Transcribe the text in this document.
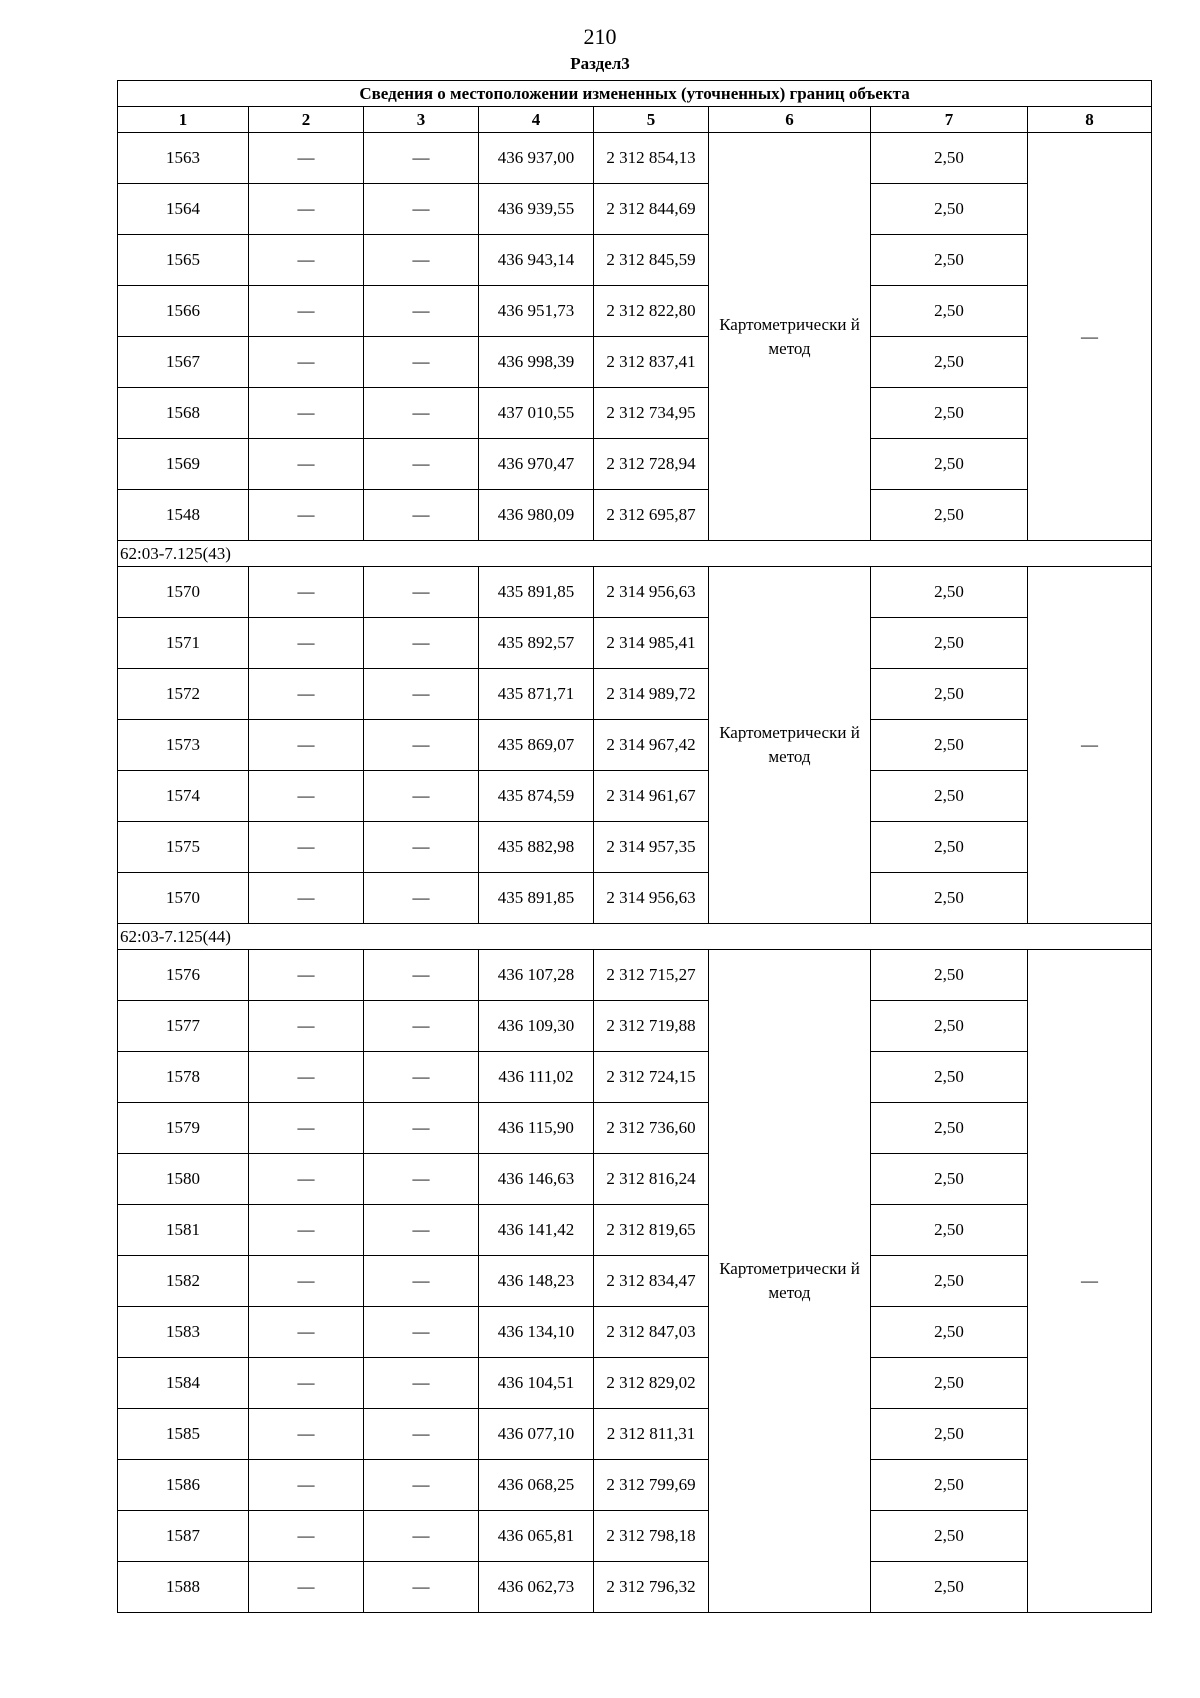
210
Раздел3
Сведения о местоположении измененных (уточненных) границ объекта							
1	2	3	4	5	6	7	8
1563	—	—	436 937,00	2 312 854,13	Картометрически й метод	2,50	—
1564	—	—	436 939,55	2 312 844,69		2,50	
1565	—	—	436 943,14	2 312 845,59		2,50	
1566	—	—	436 951,73	2 312 822,80		2,50	
1567	—	—	436 998,39	2 312 837,41		2,50	
1568	—	—	437 010,55	2 312 734,95		2,50	
1569	—	—	436 970,47	2 312 728,94		2,50	
1548	—	—	436 980,09	2 312 695,87		2,50	
62:03-7.125(43)							
1570	—	—	435 891,85	2 314 956,63	Картометрически й метод	2,50	—
1571	—	—	435 892,57	2 314 985,41		2,50	
1572	—	—	435 871,71	2 314 989,72		2,50	
1573	—	—	435 869,07	2 314 967,42		2,50	
1574	—	—	435 874,59	2 314 961,67		2,50	
1575	—	—	435 882,98	2 314 957,35		2,50	
1570	—	—	435 891,85	2 314 956,63		2,50	
62:03-7.125(44)							
1576	—	—	436 107,28	2 312 715,27	Картометрически й метод	2,50	—
1577	—	—	436 109,30	2 312 719,88		2,50	
1578	—	—	436 111,02	2 312 724,15		2,50	
1579	—	—	436 115,90	2 312 736,60		2,50	
1580	—	—	436 146,63	2 312 816,24		2,50	
1581	—	—	436 141,42	2 312 819,65		2,50	
1582	—	—	436 148,23	2 312 834,47		2,50	
1583	—	—	436 134,10	2 312 847,03		2,50	
1584	—	—	436 104,51	2 312 829,02		2,50	
1585	—	—	436 077,10	2 312 811,31		2,50	
1586	—	—	436 068,25	2 312 799,69		2,50	
1587	—	—	436 065,81	2 312 798,18		2,50	
1588	—	—	436 062,73	2 312 796,32		2,50	
